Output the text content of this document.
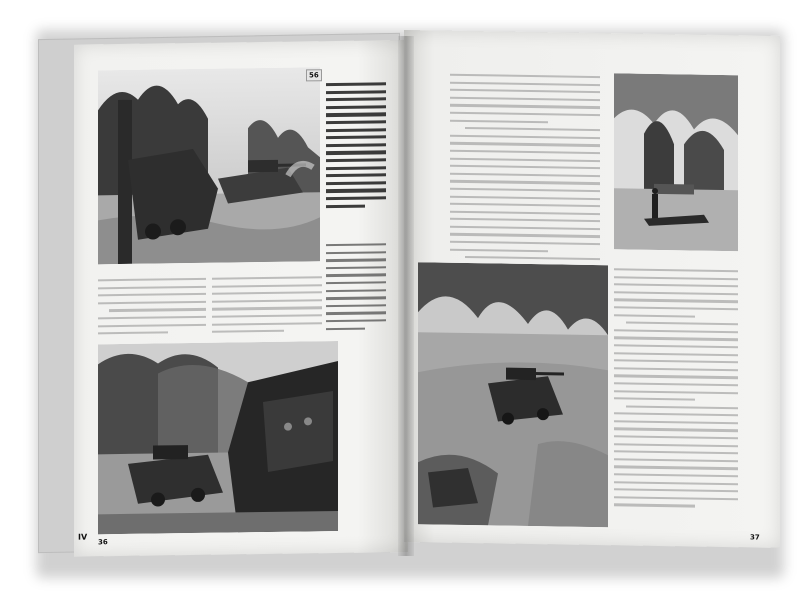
56
IV
36
37
